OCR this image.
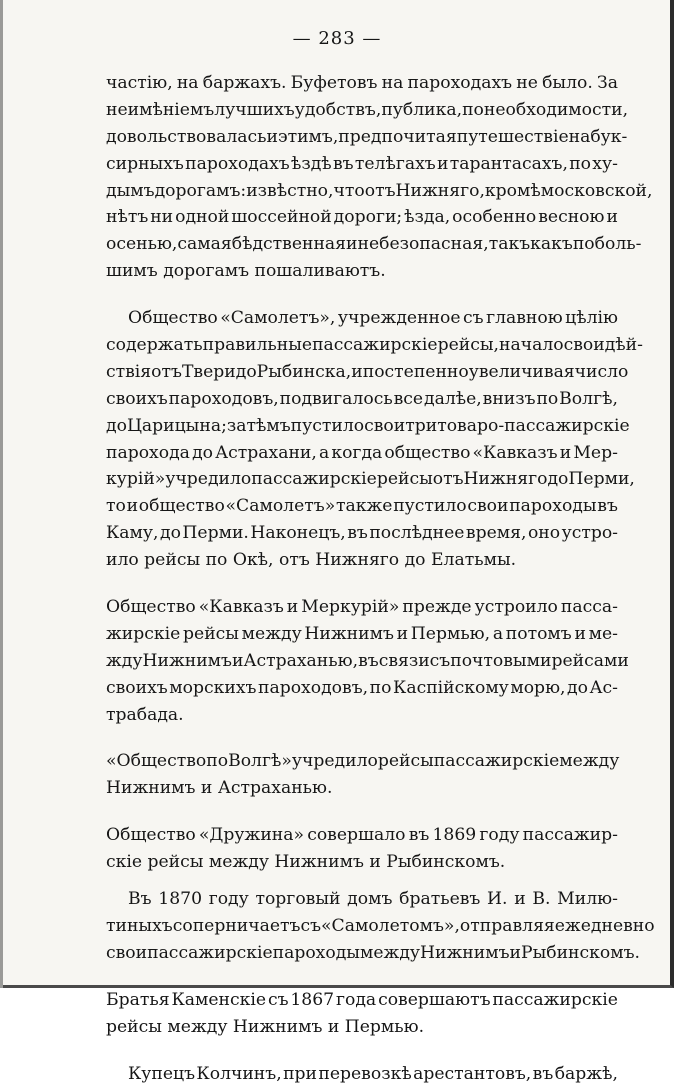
— 283 —
частію, на баржахъ. Буфетовъ на пароходахъ не было. За
неимѣніемъ лучшихъ удобствъ, публика, по необходимости,
довольствовалась и этимъ, предпочитая путешествіе на бук-
сирныхъ пароходахъ ѣздѣ въ телѣгахъ и тарантасахъ, по ху-
дымъ дорогамъ: извѣстно, что отъ Нижняго, кромѣ московской,
нѣтъ ни одной шоссейной дороги; ѣзда, особенно весною и
осенью, самая бѣдственная и небезопасная, такъ какъ по боль-
шимъ дорогамъ пошаливаютъ.
Общество «Самолетъ», учрежденное съ главною цѣлію
содержать правильные пассажирскіе рейсы, начало свои дѣй-
ствія отъ Твери до Рыбинска, и постепенно увеличивая число
своихъ пароходовъ, подвигалось все далѣе, внизъ по Волгѣ,
до Царицына; затѣмъ пустило свои три товаро-пассажирскіе
парохода до Астрахани, а когда общество «Кавказъ и Мер-
курій» учредило пассажирскіе рейсы отъ Нижняго до Перми,
то и общество «Самолетъ» также пустило свои пароходы въ
Каму, до Перми. Наконецъ, въ послѣднее время, оно устро-
ило рейсы по Окѣ, отъ Нижняго до Елатьмы.
Общество «Кавказъ и Меркурій» прежде устроило пасса-
жирскіе рейсы между Нижнимъ и Пермью, а потомъ и ме-
жду Нижнимъ и Астраханью, въ связи съ почтовыми рейсами
своихъ морскихъ пароходовъ, по Каспійскому морю, до Ас-
трабада.
«Общество по Волгѣ» учредило рейсы пассажирскіе между
Нижнимъ и Астраханью.
Общество «Дружина» совершало въ 1869 году пассажир-
скіе рейсы между Нижнимъ и Рыбинскомъ.
Въ 1870 году торговый домъ братьевъ И. и В. Милю-
тиныхъ соперничаетъ съ «Самолетомъ», отправляя ежедневно
свои пассажирскіе пароходы между Нижнимъ и Рыбинскомъ.
Братья Каменскіе съ 1867 года совершаютъ пассажирскіе
рейсы между Нижнимъ и Пермью.
Купецъ Колчинъ, при перевозкѣ арестантовъ, въ баржѣ,
